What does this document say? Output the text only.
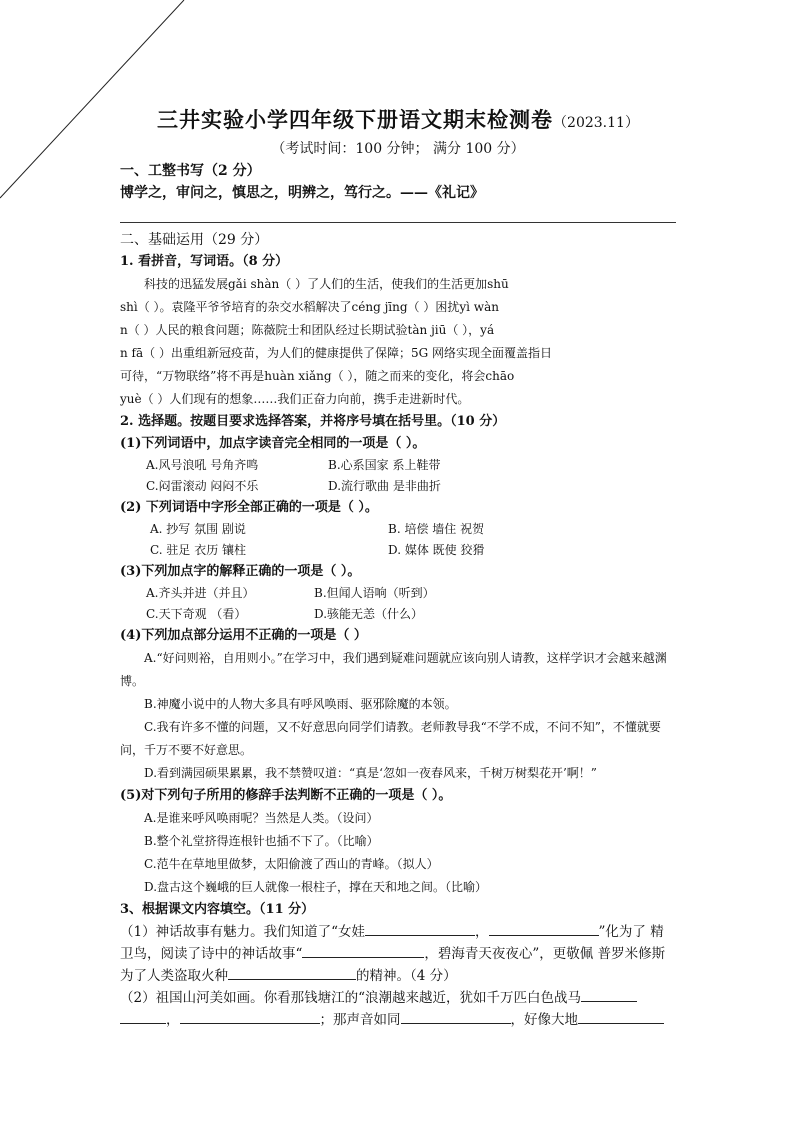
三井实验小学四年级下册语文期末检测卷（2023.11）
（考试时间：100 分钟； 满分 100 分）
一、工整书写（2 分）
博学之，审问之，慎思之，明辨之，笃行之。——《礼记》
二、基础运用（29 分）
1. 看拼音，写词语。（8 分）
科技的迅猛发展gǎi shàn（ ）了人们的生活，使我们的生活更加shū
shì（ ）。袁隆平爷爷培育的杂交水稻解决了céng jīng（ ）困扰yì wàn
n（ ）人民的粮食问题；陈薇院士和团队经过长期试验tàn jiū（ ），yá
n fā（ ）出重组新冠疫苗，为人们的健康提供了保障；5G 网络实现全面覆盖指日
可待，“万物联络”将不再是huàn xiǎng（ ），随之而来的变化，将会chāo
yuè（ ）人们现有的想象……我们正奋力向前，携手走进新时代。
2. 选择题。按题目要求选择答案，并将序号填在括号里。（10 分）
(1)下列词语中，加点字读音完全相同的一项是（ ）。
A.风号浪吼 号角齐鸣	B.心系国家 系上鞋带
C.闷雷滚动 闷闷不乐	D.流行歌曲 是非曲折
(2) 下列词语中字形全部正确的一项是（ ）。
A. 抄写 氛围 剧说	B. 培偿 墙住 祝贺
C. 驻足 衣历 镶柱	D. 媒体 既使 狡猾
(3)下列加点字的解释正确的一项是（ ）。
A.齐头并进（并且）	B.但闻人语响（听到）
C.天下奇观 （看）	D.骇能无恙（什么）
(4)下列加点部分运用不正确的一项是（ ）
A.“好问则裕，自用则小。”在学习中，我们遇到疑难问题就应该向别人请教，这样学识才会越来越渊博。
B.神魔小说中的人物大多具有呼风唤雨、驱邪除魔的本领。
C.我有许多不懂的问题，又不好意思向同学们请教。老师教导我“不学不成，不问不知”，不懂就要问，千万不要不好意思。
D.看到满园硕果累累，我不禁赞叹道：“真是‘忽如一夜春风来，千树万树梨花开’啊！”
(5)对下列句子所用的修辞手法判断不正确的一项是（ ）。
A.是谁来呼风唤雨呢？当然是人类。（设问）
B.整个礼堂挤得连根针也插不下了。（比喻）
C.范牛在草地里做梦，太阳偷渡了西山的青峰。（拟人）
D.盘古这个巍峨的巨人就像一根柱子，撑在天和地之间。（比喻）
3、根据课文内容填空。（11 分）
（1）神话故事有魅力。我们知道了“女娃	，	”化为了 精卫鸟，阅读了诗中的神话故事“	，碧海青天夜夜心”，更敬佩 普罗米修斯为了人类盗取火种	的精神。（4 分）
（2）祖国山河美如画。你看那钱塘江的“浪潮越来越近，犹如千万匹白色战马 ，	；那声音如同	，好像大地
